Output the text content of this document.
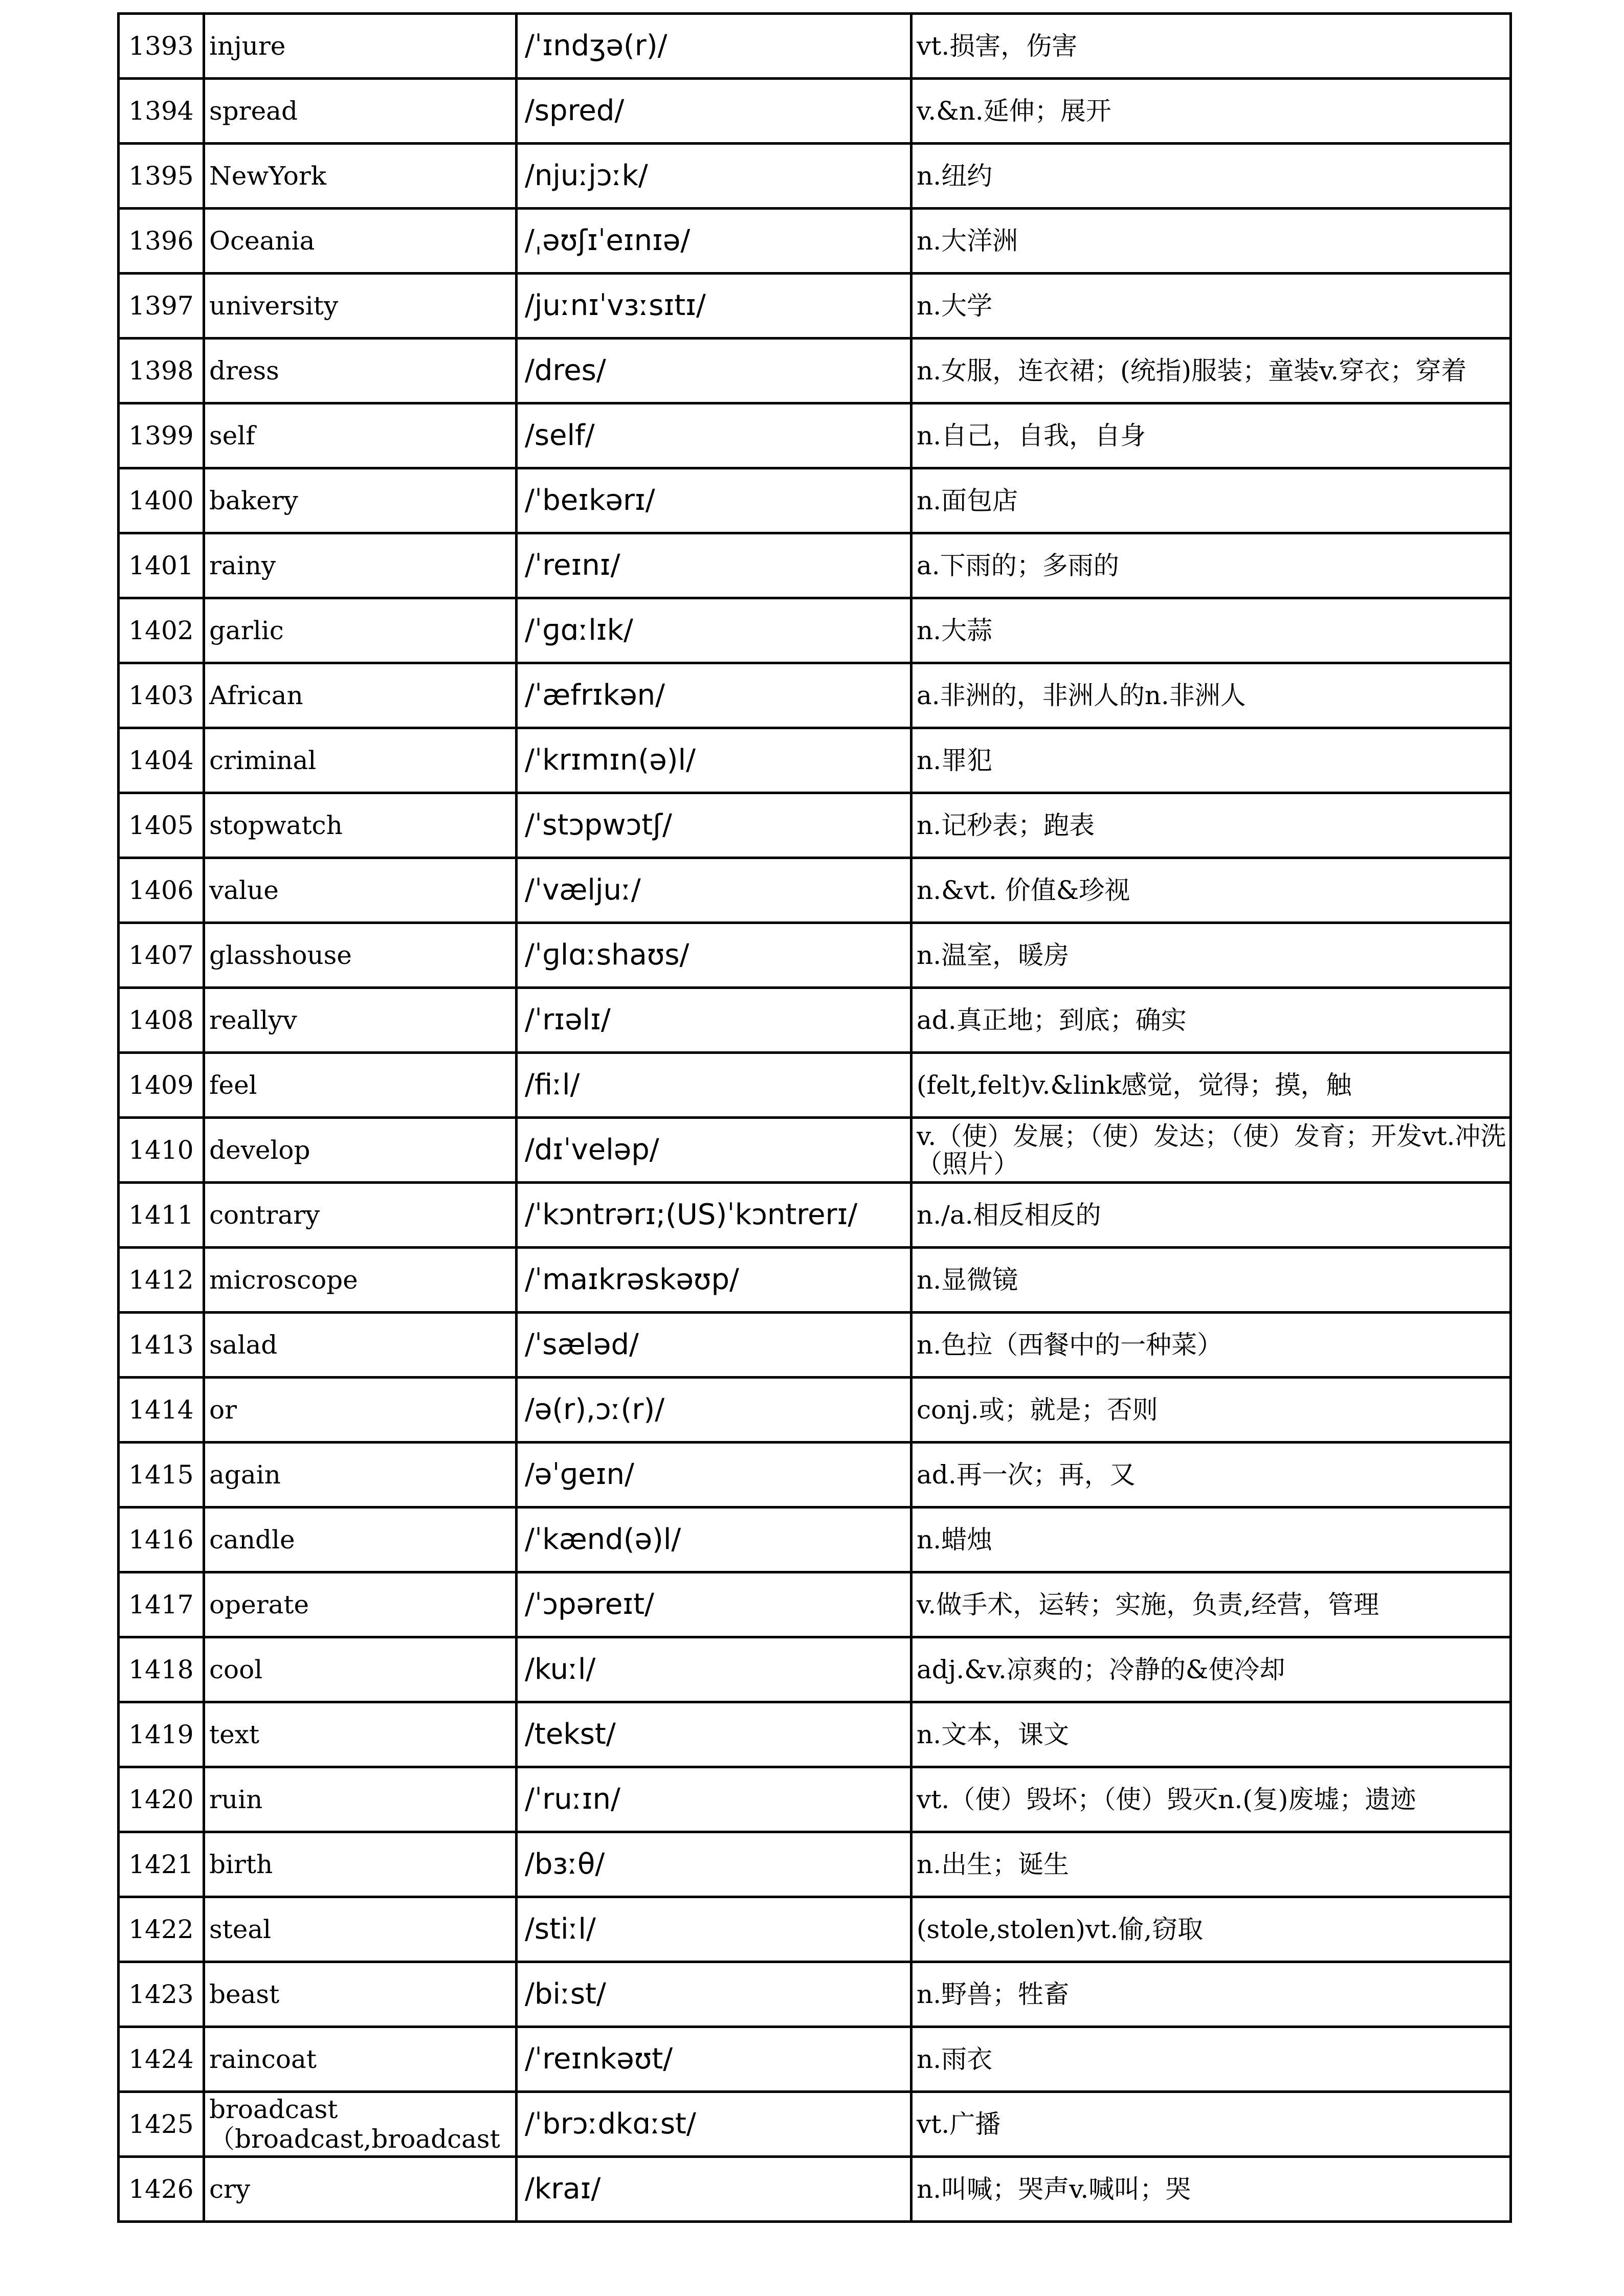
1393	injure	/ˈɪndʒə(r)/	vt.损害，伤害
1394	spread	/spred/	v.&n.延伸；展开
1395	NewYork	/njuːjɔːk/	n.纽约
1396	Oceania	/ˌəʊʃɪˈeɪnɪə/	n.大洋洲
1397	university	/juːnɪˈvɜːsɪtɪ/	n.大学
1398	dress	/dres/	n.女服，连衣裙；(统指)服装；童装v.穿衣；穿着
1399	self	/self/	n.自己，自我，自身
1400	bakery	/ˈbeɪkərɪ/	n.面包店
1401	rainy	/ˈreɪnɪ/	a.下雨的；多雨的
1402	garlic	/ˈɡɑːlɪk/	n.大蒜
1403	African	/ˈæfrɪkən/	a.非洲的，非洲人的n.非洲人
1404	criminal	/ˈkrɪmɪn(ə)l/	n.罪犯
1405	stopwatch	/ˈstɔpwɔtʃ/	n.记秒表；跑表
1406	value	/ˈvæljuː/	n.&vt. 价值&珍视
1407	glasshouse	/ˈɡlɑːshaʊs/	n.温室，暖房
1408	reallyv	/ˈrɪəlɪ/	ad.真正地；到底；确实
1409	feel	/fiːl/	(felt,felt)v.&link感觉，觉得；摸，触
1410	develop	/dɪˈveləp/	v.（使）发展；（使）发达；（使）发育；开发vt.冲洗（照片）
1411	contrary	/ˈkɔntrərɪ;(US)ˈkɔntrerɪ/	n./a.相反相反的
1412	microscope	/ˈmaɪkrəskəʊp/	n.显微镜
1413	salad	/ˈsæləd/	n.色拉（西餐中的一种菜）
1414	or	/ə(r),ɔː(r)/	conj.或；就是；否则
1415	again	/əˈɡeɪn/	ad.再一次；再，又
1416	candle	/ˈkænd(ə)l/	n.蜡烛
1417	operate	/ˈɔpəreɪt/	v.做手术，运转；实施，负责,经营，管理
1418	cool	/kuːl/	adj.&v.凉爽的；冷静的&使冷却
1419	text	/tekst/	n.文本，课文
1420	ruin	/ˈruːɪn/	vt.（使）毁坏；（使）毁灭n.(复)废墟；遗迹
1421	birth	/bɜːθ/	n.出生；诞生
1422	steal	/stiːl/	(stole,stolen)vt.偷,窃取
1423	beast	/biːst/	n.野兽；牲畜
1424	raincoat	/ˈreɪnkəʊt/	n.雨衣
1425	broadcast （broadcast,broadcast	/ˈbrɔːdkɑːst/	vt.广播
1426	cry	/kraɪ/	n.叫喊；哭声v.喊叫；哭
